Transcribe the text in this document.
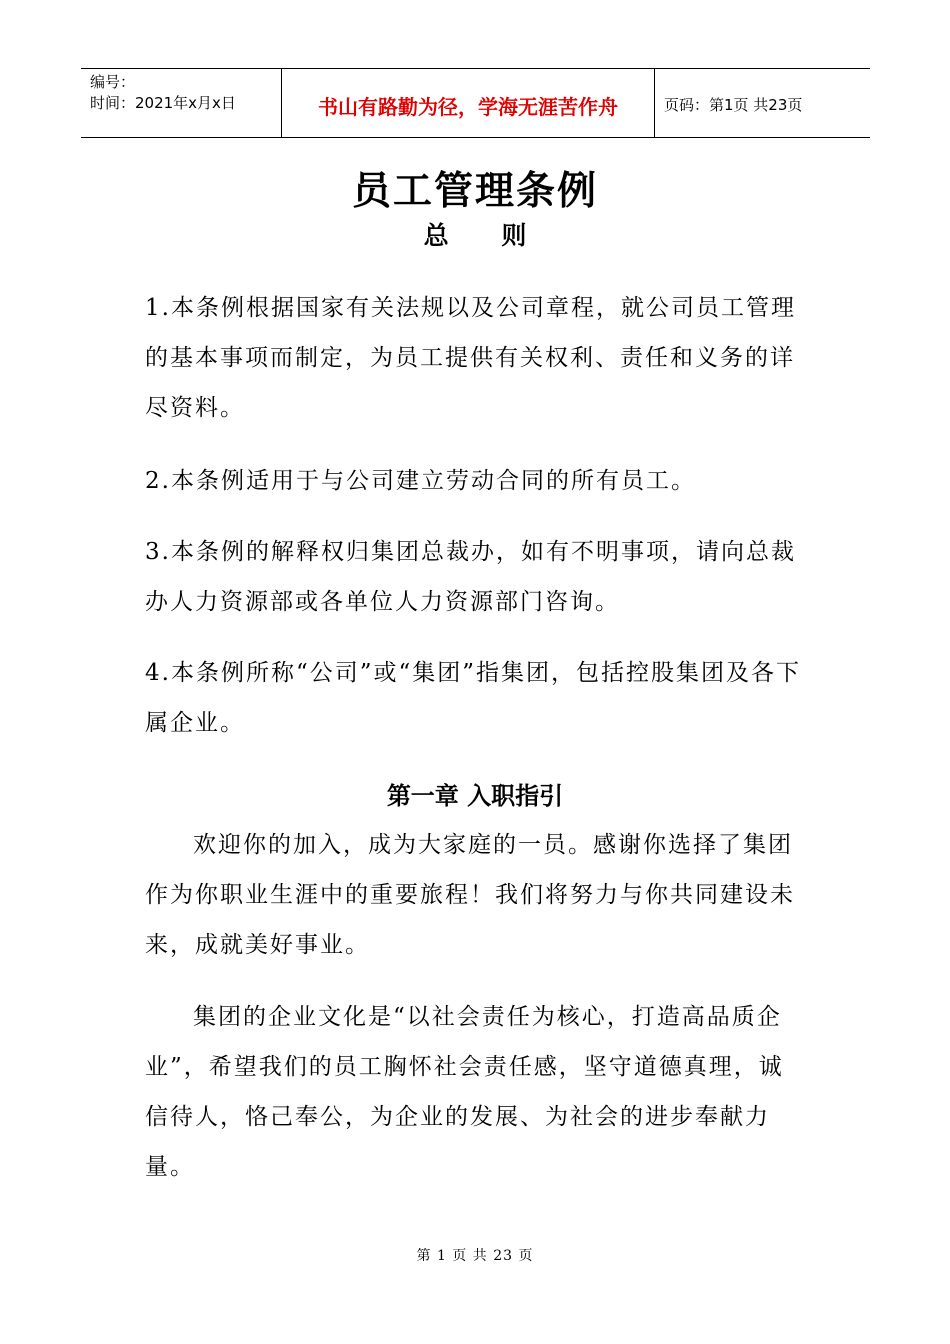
编号：
时间：2021年x月x日	书山有路勤为径，学海无涯苦作舟	页码：第1页 共23页
员工管理条例
总 则
1.本条例根据国家有关法规以及公司章程，就公司员工管理的基本事项而制定，为员工提供有关权利、责任和义务的详尽资料。
2.本条例适用于与公司建立劳动合同的所有员工。
3.本条例的解释权归集团总裁办，如有不明事项，请向总裁办人力资源部或各单位人力资源部门咨询。
4.本条例所称“公司”或“集团”指集团，包括控股集团及各下属企业。
第一章 入职指引
欢迎你的加入，成为大家庭的一员。感谢你选择了集团作为你职业生涯中的重要旅程！我们将努力与你共同建设未来，成就美好事业。
集团的企业文化是“以社会责任为核心，打造高品质企业”，希望我们的员工胸怀社会责任感，坚守道德真理，诚信待人，恪己奉公，为企业的发展、为社会的进步奉献力量。
第 1 页 共 23 页
